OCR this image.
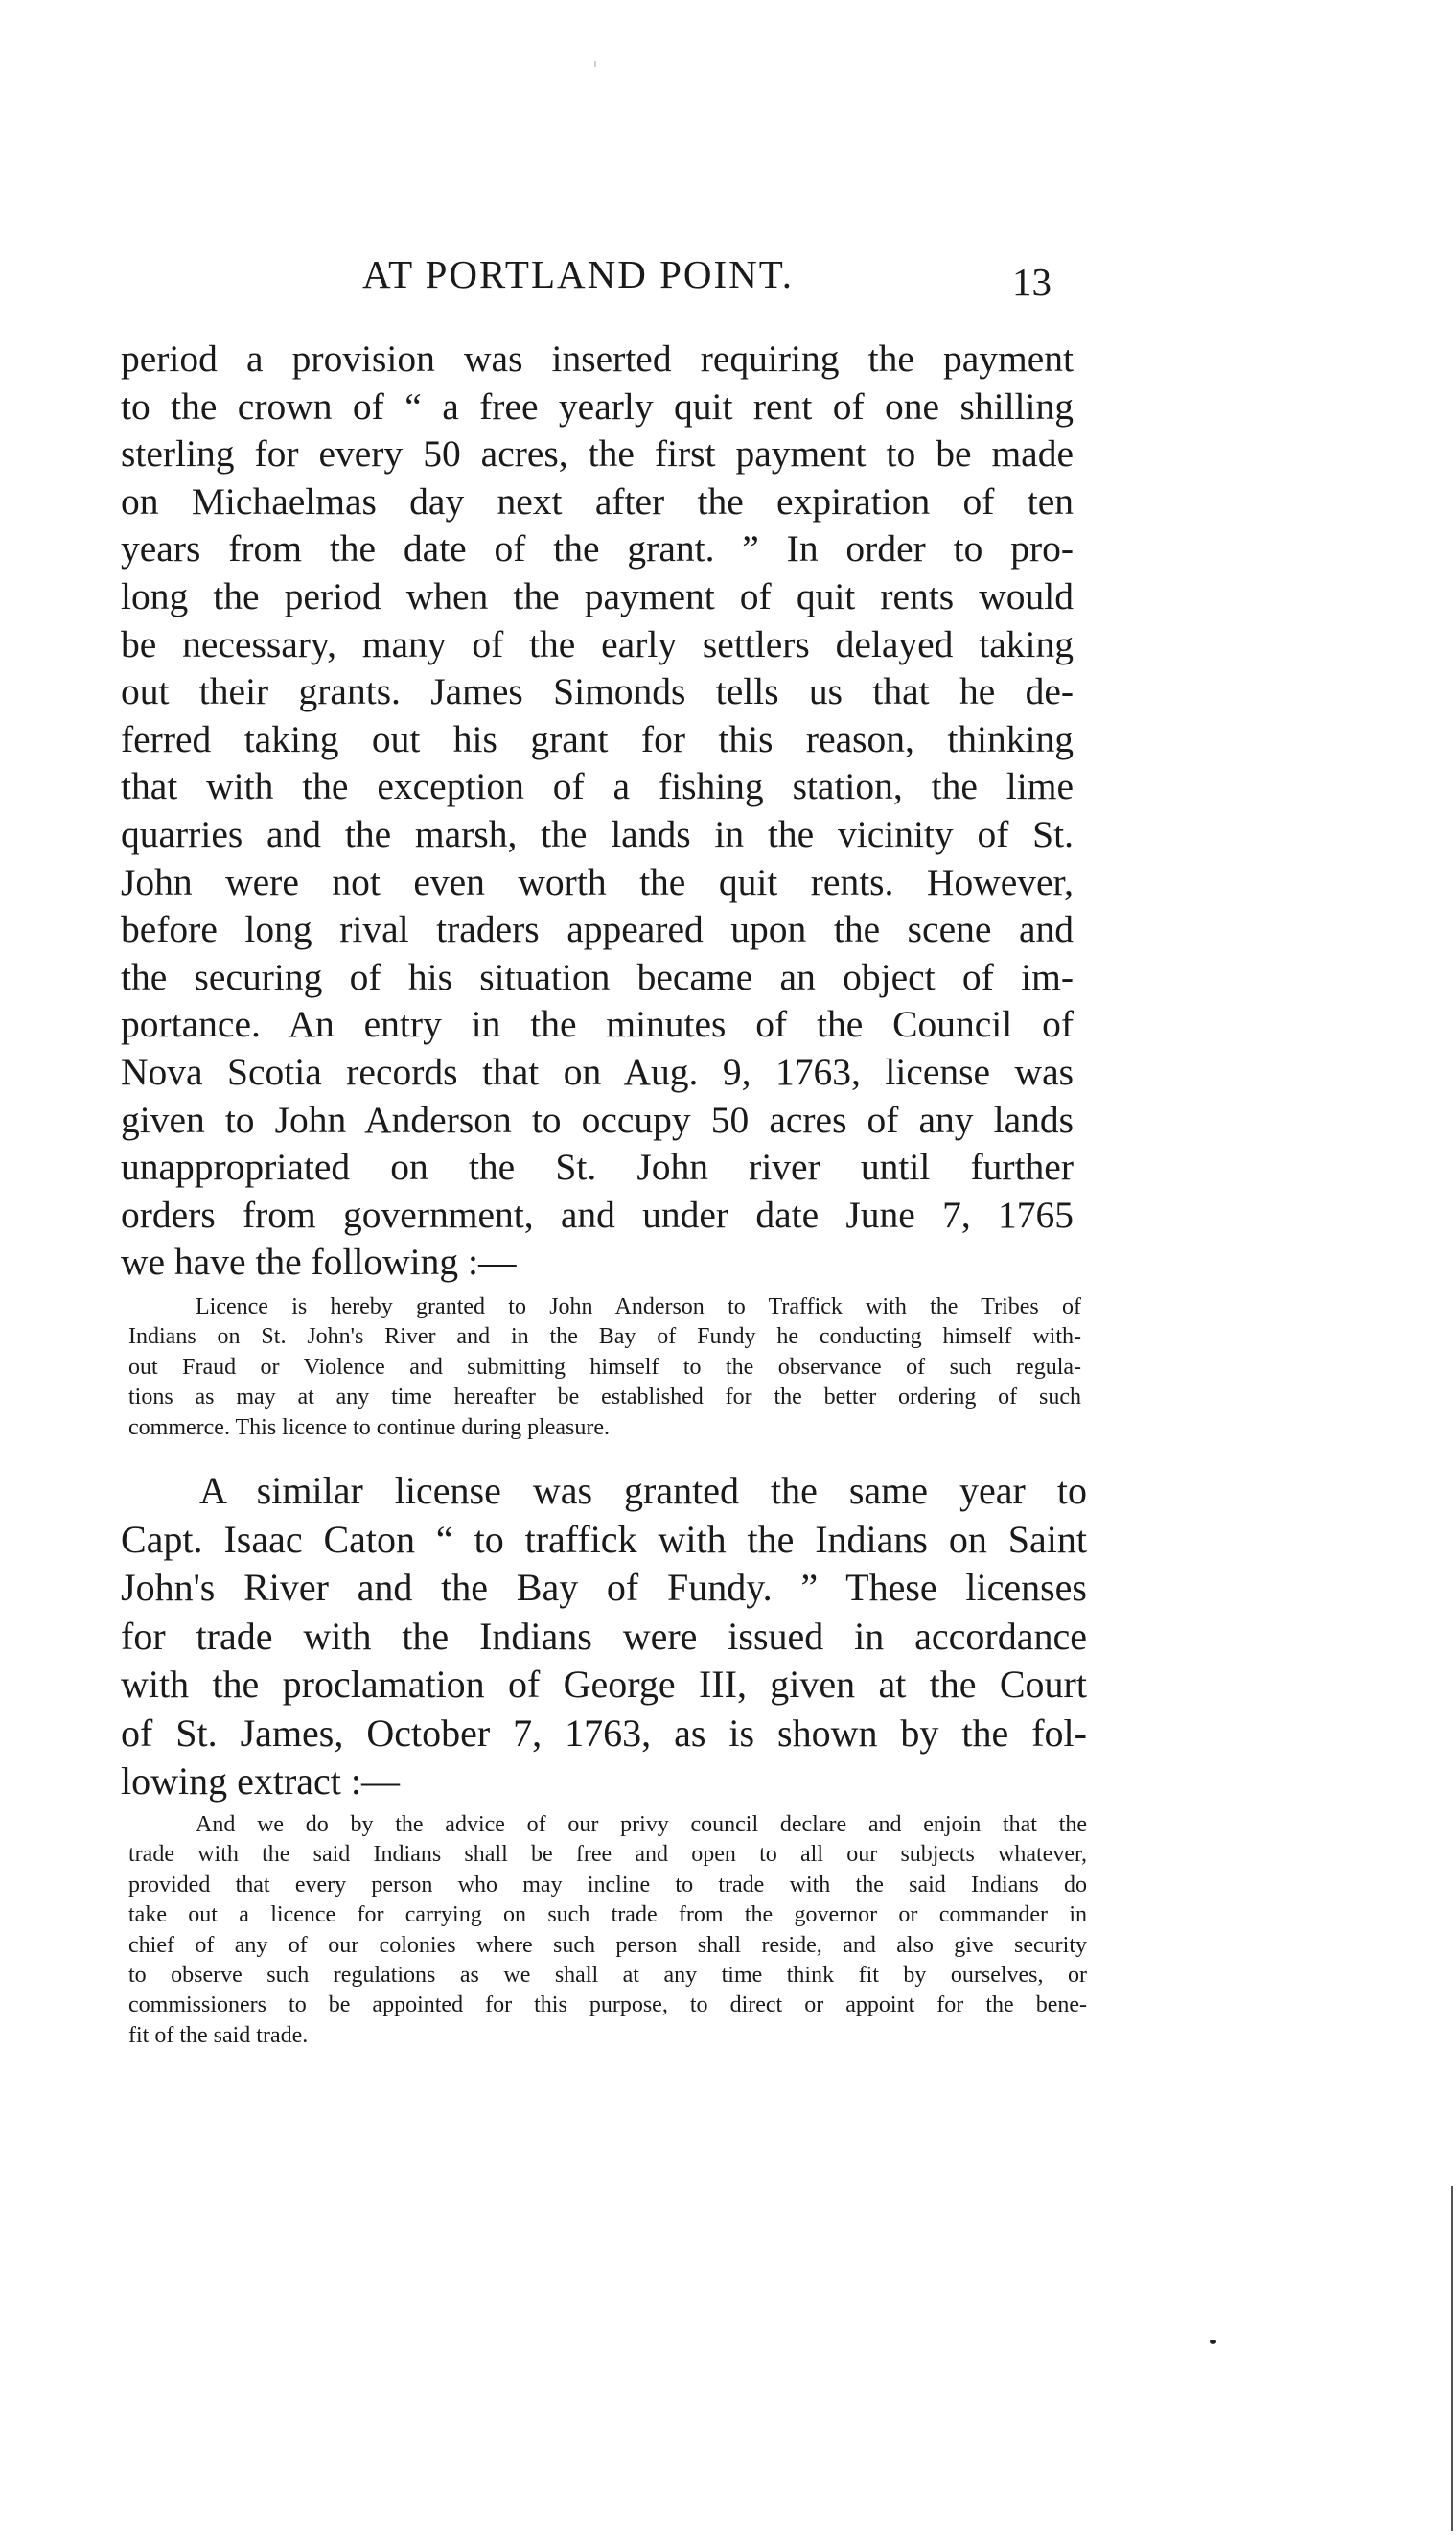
AT PORTLAND POINT.	13
period a provision was inserted requiring the payment
to the crown of “ a free yearly quit rent of one shilling
sterling for every 50 acres, the first payment to be made
on Michaelmas day next after the expiration of ten
years from the date of the grant. ” In order to pro-
long the period when the payment of quit rents would
be necessary, many of the early settlers delayed taking
out their grants. James Simonds tells us that he de-
ferred taking out his grant for this reason, thinking
that with the exception of a fishing station, the lime
quarries and the marsh, the lands in the vicinity of St.
John were not even worth the quit rents. However,
before long rival traders appeared upon the scene and
the securing of his situation became an object of im-
portance. An entry in the minutes of the Council of
Nova Scotia records that on Aug. 9, 1763, license was
given to John Anderson to occupy 50 acres of any lands
unappropriated on the St. John river until further
orders from government, and under date June 7, 1765
we have the following :—
Licence is hereby granted to John Anderson to Traffick with the Tribes of
Indians on St. John's River and in the Bay of Fundy he conducting himself with-
out Fraud or Violence and submitting himself to the observance of such regula-
tions as may at any time hereafter be established for the better ordering of such
commerce. This licence to continue during pleasure.
A similar license was granted the same year to
Capt. Isaac Caton “ to traffick with the Indians on Saint
John's River and the Bay of Fundy. ” These licenses
for trade with the Indians were issued in accordance
with the proclamation of George III, given at the Court
of St. James, October 7, 1763, as is shown by the fol-
lowing extract :—
And we do by the advice of our privy council declare and enjoin that the
trade with the said Indians shall be free and open to all our subjects whatever,
provided that every person who may incline to trade with the said Indians do
take out a licence for carrying on such trade from the governor or commander in
chief of any of our colonies where such person shall reside, and also give security
to observe such regulations as we shall at any time think fit by ourselves, or
commissioners to be appointed for this purpose, to direct or appoint for the bene-
fit of the said trade.
